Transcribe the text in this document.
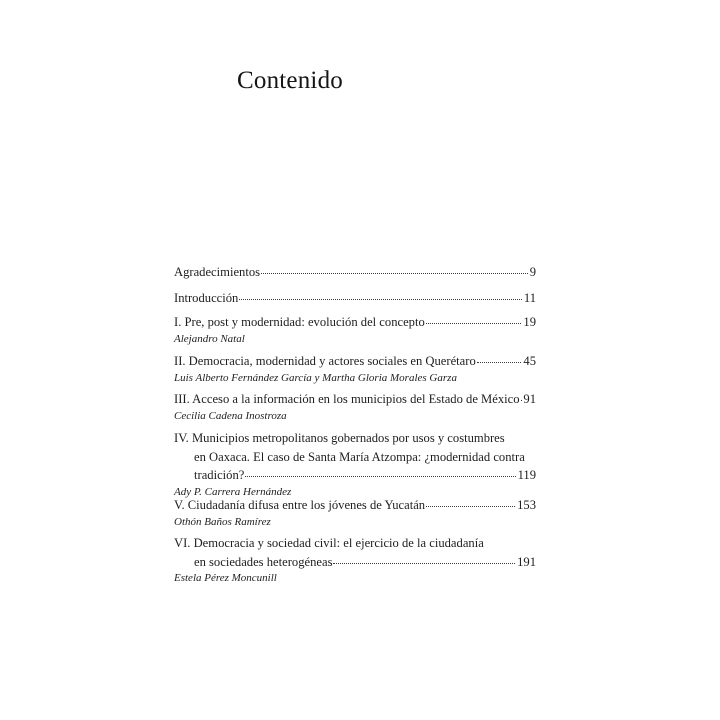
Contenido
Agradecimientos	9
Introducción	11
I. Pre, post y modernidad: evolución del concepto	19
Alejandro Natal
II. Democracia, modernidad y actores sociales en Querétaro	45
Luis Alberto Fernández García y Martha Gloria Morales Garza
III. Acceso a la información en los municipios del Estado de México 91
Cecilia Cadena Inostroza
IV. Municipios metropolitanos gobernados por usos y costumbres
en Oaxaca. El caso de Santa María Atzompa: ¿modernidad contra
tradición?	119
Ady P. Carrera Hernández
V. Ciudadanía difusa entre los jóvenes de Yucatán	153
Othón Baños Ramírez
VI. Democracia y sociedad civil: el ejercicio de la ciudadanía
en sociedades heterogéneas	191
Estela Pérez Moncunill
